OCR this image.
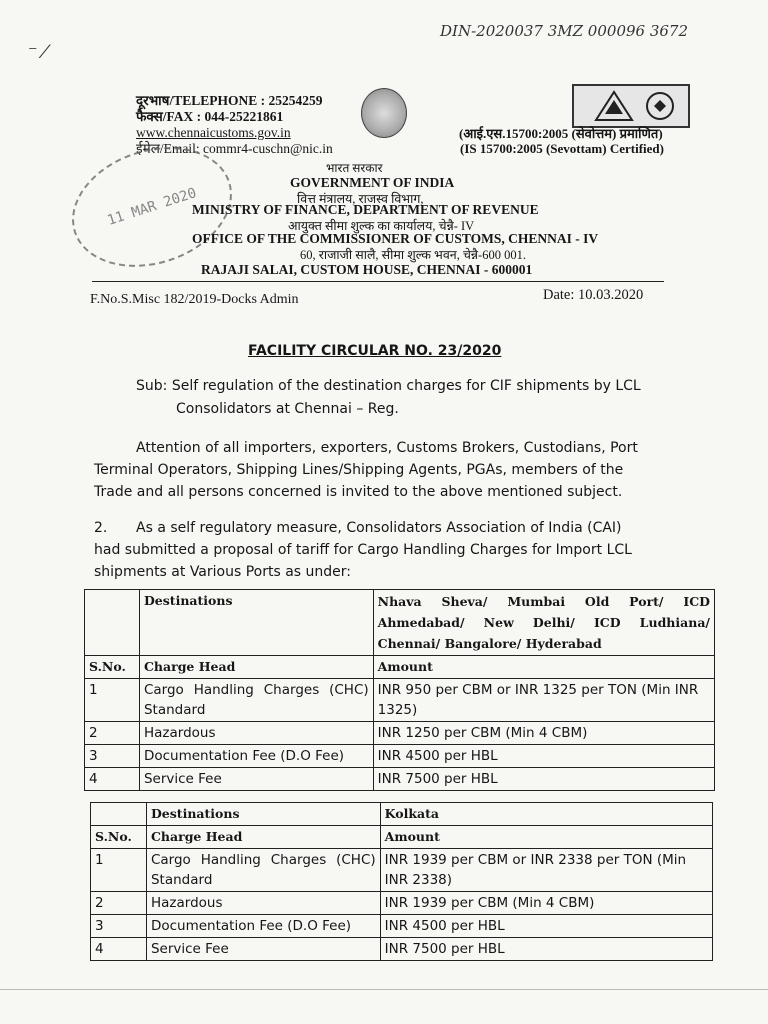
DIN-2020037 3MZ 000096 3672
⁻ ⁄
दूरभाष/TELEPHONE : 25254259
फैक्स/FAX : 044-25221861
www.chennaicustoms.gov.in
ईमेल/Email: commr4-cuschn@nic.in
(आई.एस.15700:2005 (सेवोत्तम) प्रमाणित)
(IS 15700:2005 (Sevottam) Certified)
11 MAR 2020
भारत सरकार
GOVERNMENT OF INDIA
वित्त मंत्रालय, राजस्व विभाग,
MINISTRY OF FINANCE, DEPARTMENT OF REVENUE
आयुक्त सीमा शुल्क का कार्यालय, चेन्नै- IV
OFFICE OF THE COMMISSIONER OF CUSTOMS, CHENNAI - IV
60, राजाजी सालै, सीमा शुल्क भवन, चेन्नै-600 001.
RAJAJI SALAI, CUSTOM HOUSE, CHENNAI - 600001
F.No.S.Misc 182/2019-Docks Admin	Date: 10.03.2020
FACILITY CIRCULAR NO. 23/2020
Sub: Self regulation of the destination charges for CIF shipments by LCL
Consolidators at Chennai – Reg.
Attention of all importers, exporters, Customs Brokers, Custodians, Port
Terminal Operators, Shipping Lines/Shipping Agents, PGAs, members of the
Trade and all persons concerned is invited to the above mentioned subject.
2. As a self regulatory measure, Consolidators Association of India (CAI)
had submitted a proposal of tariff for Cargo Handling Charges for Import LCL
shipments at Various Ports as under:
	Destinations	Nhava Sheva/ Mumbai Old Port/ ICD Ahmedabad/ New Delhi/ ICD Ludhiana/ Chennai/ Bangalore/ Hyderabad
S.No.	Charge Head	Amount
1	Cargo Handling Charges (CHC) Standard	INR 950 per CBM or INR 1325 per TON (Min INR 1325)
2	Hazardous	INR 1250 per CBM (Min 4 CBM)
3	Documentation Fee (D.O Fee)	INR 4500 per HBL
4	Service Fee	INR 7500 per HBL
	Destinations	Kolkata
S.No.	Charge Head	Amount
1	Cargo Handling Charges (CHC) Standard	INR 1939 per CBM or INR 2338 per TON (Min INR 2338)
2	Hazardous	INR 1939 per CBM (Min 4 CBM)
3	Documentation Fee (D.O Fee)	INR 4500 per HBL
4	Service Fee	INR 7500 per HBL
